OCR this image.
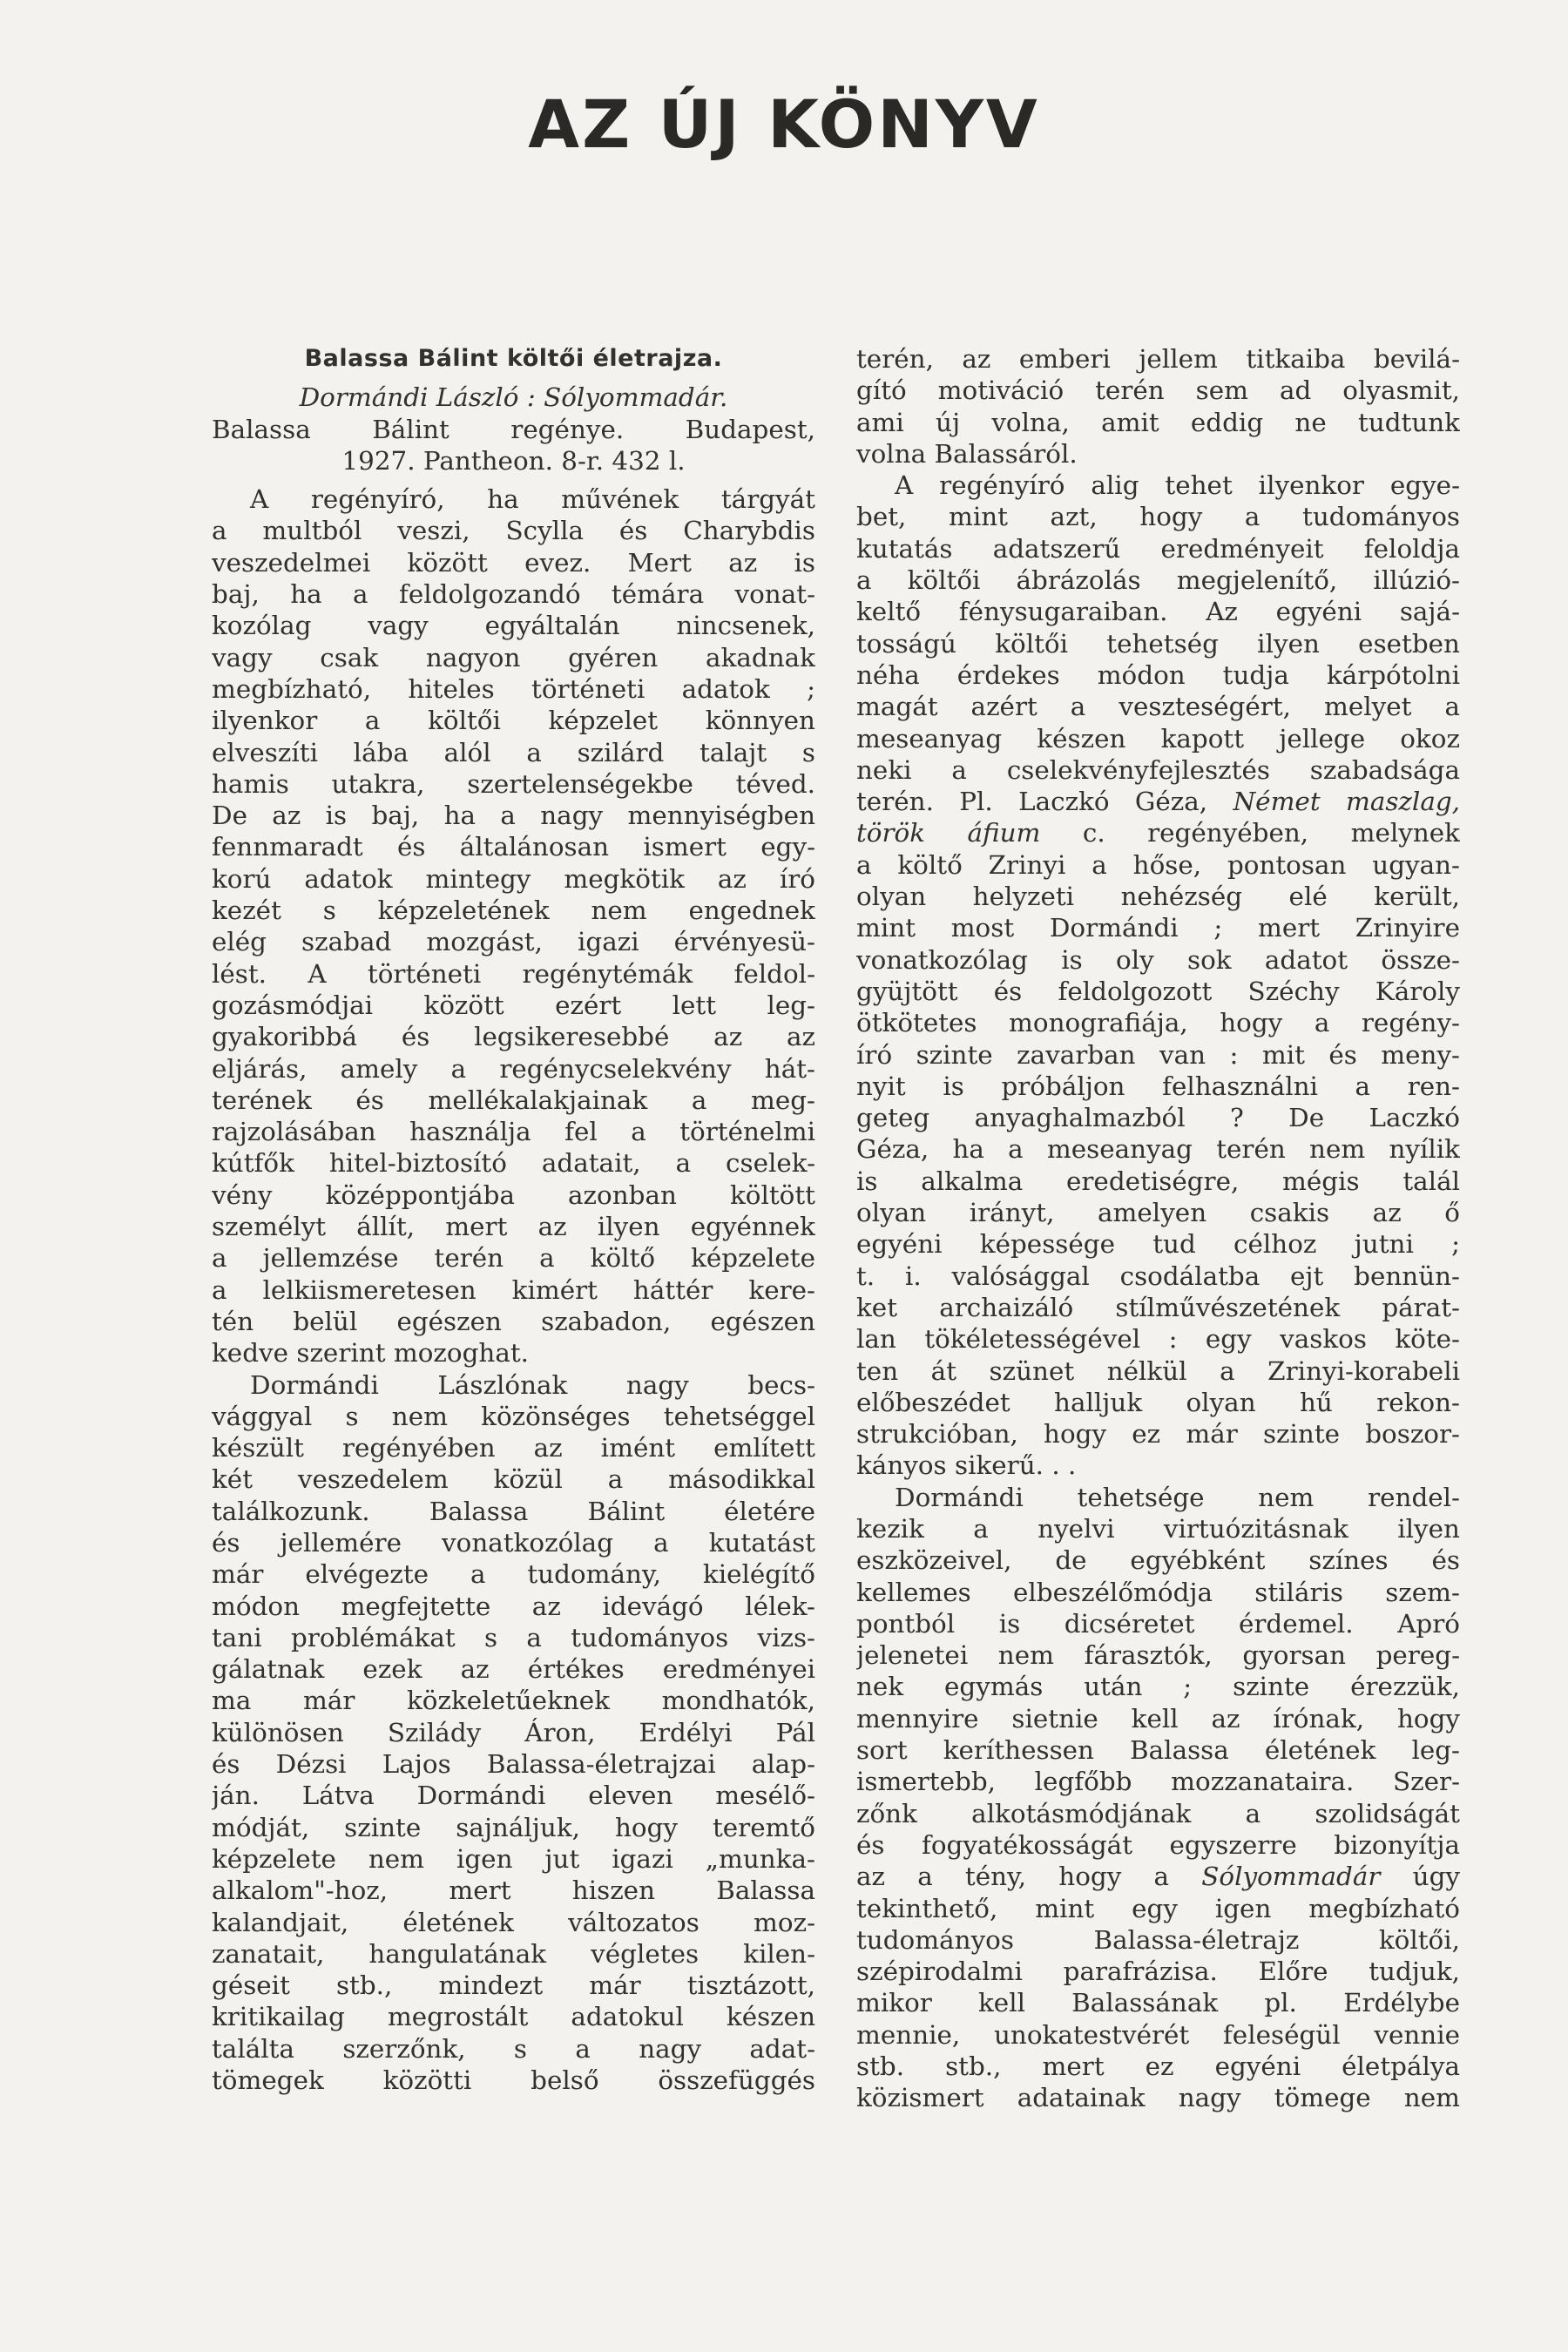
AZ ÚJ KÖNYV

Balassa Bálint költői életrajza.

Dormándi László : Sólyommadár.

Balassa Bálint regénye. Budapest,

1927. Pantheon. 8-r. 432 l.

A regényíró, ha művének tárgyát

a multból veszi, Scylla és Charybdis

veszedelmei között evez. Mert az is

baj, ha a feldolgozandó témára vonat-

kozólag vagy egyáltalán nincsenek,

vagy csak nagyon gyéren akadnak

megbízható, hiteles történeti adatok ;

ilyenkor a költői képzelet könnyen

elveszíti lába alól a szilárd talajt s

hamis utakra, szertelenségekbe téved.

De az is baj, ha a nagy mennyiségben

fennmaradt és általánosan ismert egy-

korú adatok mintegy megkötik az író

kezét s képzeletének nem engednek

elég szabad mozgást, igazi érvényesü-

lést. A történeti regénytémák feldol-

gozásmódjai között ezért lett leg-

gyakoribbá és legsikeresebbé az az

eljárás, amely a regénycselekvény hát-

terének és mellékalakjainak a meg-

rajzolásában használja fel a történelmi

kútfők hitel-biztosító adatait, a cselek-

vény középpontjába azonban költött

személyt állít, mert az ilyen egyénnek

a jellemzése terén a költő képzelete

a lelkiismeretesen kimért háttér kere-

tén belül egészen szabadon, egészen

kedve szerint mozoghat.

Dormándi Lászlónak nagy becs-

vággyal s nem közönséges tehetséggel

készült regényében az imént említett

két veszedelem közül a másodikkal

találkozunk. Balassa Bálint életére

és jellemére vonatkozólag a kutatást

már elvégezte a tudomány, kielégítő

módon megfejtette az idevágó lélek-

tani problémákat s a tudományos vizs-

gálatnak ezek az értékes eredményei

ma már közkeletűeknek mondhatók,

különösen Szilády Áron, Erdélyi Pál

és Dézsi Lajos Balassa-életrajzai alap-

ján. Látva Dormándi eleven mesélő-

módját, szinte sajnáljuk, hogy teremtő

képzelete nem igen jut igazi „munka-

alkalom"-hoz, mert hiszen Balassa

kalandjait, életének változatos moz-

zanatait, hangulatának végletes kilen-

géseit stb., mindezt már tisztázott,

kritikailag megrostált adatokul készen

találta szerzőnk, s a nagy adat-

tömegek közötti belső összefüggés

terén, az emberi jellem titkaiba bevilá-

gító motiváció terén sem ad olyasmit,

ami új volna, amit eddig ne tudtunk

volna Balassáról.

A regényíró alig tehet ilyenkor egye-

bet, mint azt, hogy a tudományos

kutatás adatszerű eredményeit feloldja

a költői ábrázolás megjelenítő, illúzió-

keltő fénysugaraiban. Az egyéni sajá-

tosságú költői tehetség ilyen esetben

néha érdekes módon tudja kárpótolni

magát azért a veszteségért, melyet a

meseanyag készen kapott jellege okoz

neki a cselekvényfejlesztés szabadsága

terén. Pl. Laczkó Géza, Német maszlag,

török áfium c. regényében, melynek

a költő Zrinyi a hőse, pontosan ugyan-

olyan helyzeti nehézség elé került,

mint most Dormándi ; mert Zrinyire

vonatkozólag is oly sok adatot össze-

gyüjtött és feldolgozott Széchy Károly

ötkötetes monografiája, hogy a regény-

író szinte zavarban van : mit és meny-

nyit is próbáljon felhasználni a ren-

geteg anyaghalmazból ? De Laczkó

Géza, ha a meseanyag terén nem nyílik

is alkalma eredetiségre, mégis talál

olyan irányt, amelyen csakis az ő

egyéni képessége tud célhoz jutni ;

t. i. valósággal csodálatba ejt bennün-

ket archaizáló stílművészetének párat-

lan tökéletességével : egy vaskos köte-

ten át szünet nélkül a Zrinyi-korabeli

előbeszédet halljuk olyan hű rekon-

strukcióban, hogy ez már szinte boszor-

kányos sikerű. . .

Dormándi tehetsége nem rendel-

kezik a nyelvi virtuózitásnak ilyen

eszközeivel, de egyébként színes és

kellemes elbeszélőmódja stiláris szem-

pontból is dicséretet érdemel. Apró

jelenetei nem fárasztók, gyorsan pereg-

nek egymás után ; szinte érezzük,

mennyire sietnie kell az írónak, hogy

sort keríthessen Balassa életének leg-

ismertebb, legfőbb mozzanataira. Szer-

zőnk alkotásmódjának a szolidságát

és fogyatékosságát egyszerre bizonyítja

az a tény, hogy a Sólyommadár úgy

tekinthető, mint egy igen megbízható

tudományos Balassa-életrajz költői,

szépirodalmi parafrázisa. Előre tudjuk,

mikor kell Balassának pl. Erdélybe

mennie, unokatestvérét feleségül vennie

stb. stb., mert ez egyéni életpálya

közismert adatainak nagy tömege nem
